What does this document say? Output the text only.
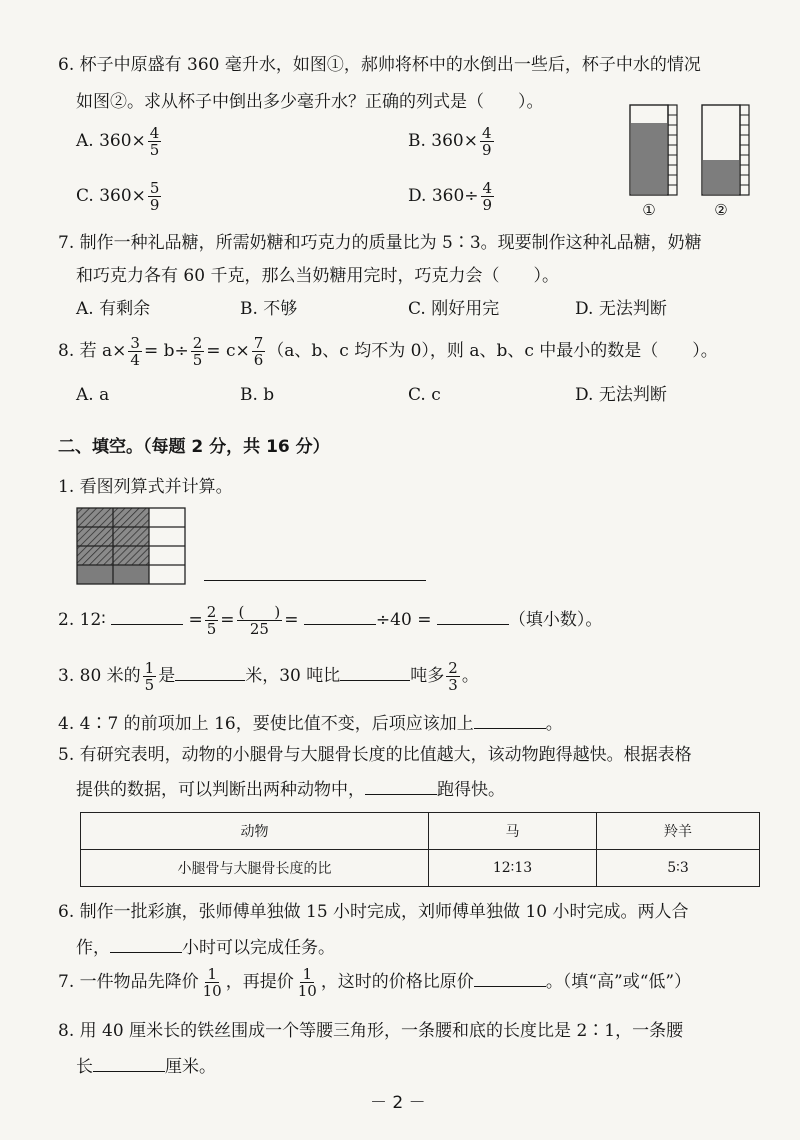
6. 杯子中原盛有 360 毫升水，如图①，郝帅将杯中的水倒出一些后，杯子中水的情况
如图②。求从杯子中倒出多少毫升水？正确的列式是（　　）。
A. $360\times \frac{4}{5}$	B. $360\times \frac{4}{9}$
C. $360\times \frac{5}{9}$	D. $360\div \frac{4}{9}$	①	②
7. 制作一种礼品糖，所需奶糖和巧克力的质量比为 5∶3。现要制作这种礼品糖，奶糖
和巧克力各有 60 千克，那么当奶糖用完时，巧克力会（　　）。
A. 有剩余	B. 不够	C. 刚好用完	D. 无法判断
8. 若 $a\times \frac{3}{4} = b\div \frac{2}{5} = c\times \frac{7}{6} (a$、b、c 均不为 0），则 a、b、c 中最小的数是（　　）。
A. a	B. b	C. c	D. 无法判断
二、填空。（每题 2 分，共 16 分）
1. 看图列算式并计算。
2. 12∶	= $\frac{2}{5} = \frac{( )}{25}$ =	÷40 =	（填小数）。
3. 80 米的 $\frac{1}{5}$ 是	米，30 吨比	吨多 $\frac{2}{3}$ 。
4. 4∶7 的前项加上 16，要使比值不变，后项应该加上	。
5. 有研究表明，动物的小腿骨与大腿骨长度的比值越大，该动物跑得越快。根据表格
提供的数据，可以判断出两种动物中，	跑得快。
动物	马	羚羊
小腿骨与大腿骨长度的比	12∶13	5∶3
6. 制作一批彩旗，张师傅单独做 15 小时完成，刘师傅单独做 10 小时完成。两人合
作，	小时可以完成任务。
7. 一件物品先降价 $\frac{1}{10}$ ，再提价 $\frac{1}{10}$ ，这时的价格比原价	。（填“高”或“低”）
8. 用 40 厘米长的铁丝围成一个等腰三角形，一条腰和底的长度比是 2∶1，一条腰
长	厘米。
－ 2 －
